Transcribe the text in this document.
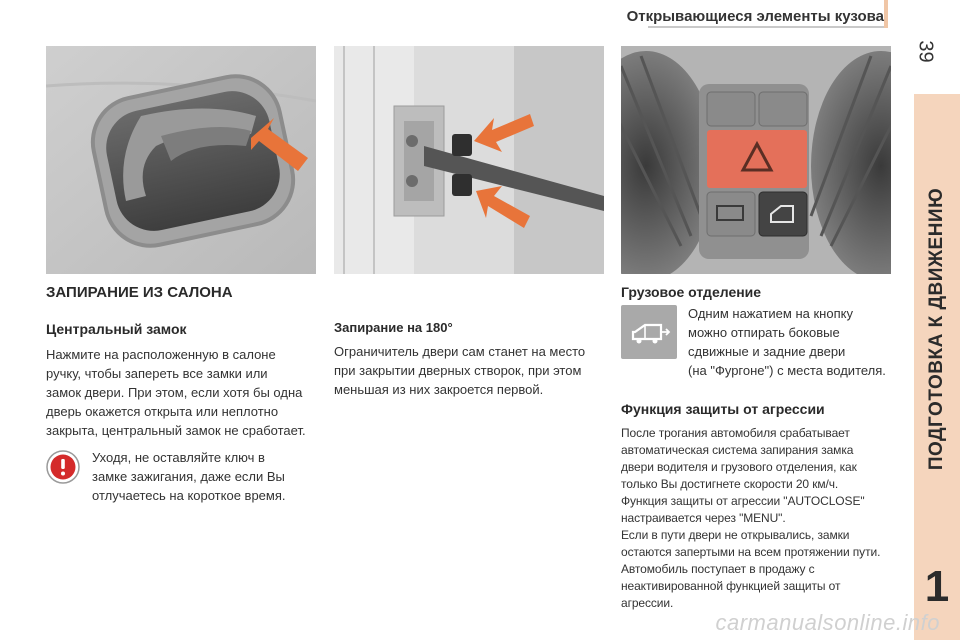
Открывающиеся элементы кузова
39
ПОДГОТОВКА К ДВИЖЕНИЮ
1
ЗАПИРАНИЕ ИЗ САЛОНА
Центральный замок
Нажмите на расположенную в салоне
ручку, чтобы запереть все замки или
замок двери. При этом, если хотя бы одна
дверь окажется открыта или неплотно
закрыта, центральный замок не сработает.
Уходя, не оставляйте ключ в
замке зажигания, даже если Вы
отлучаетесь на короткое время.
Запирание на 180°
Ограничитель двери сам станет на место
при закрытии дверных створок, при этом
меньшая из них закроется первой.
Грузовое отделение
Одним нажатием на кнопку
можно отпирать боковые
сдвижные и задние двери
(на "Фургоне") с места водителя.
Функция защиты от агрессии
После трогания автомобиля срабатывает
автоматическая система запирания замка
двери водителя и грузового отделения, как
только Вы достигнете скорости 20 км/ч.
Функция защиты от агрессии "AUTOCLOSE"
настраивается через "MENU".
Если в пути двери не открывались, замки
остаются запертыми на всем протяжении пути.
Автомобиль поступает в продажу с
неактивированной функцией защиты от
агрессии.
carmanualsonline.info
